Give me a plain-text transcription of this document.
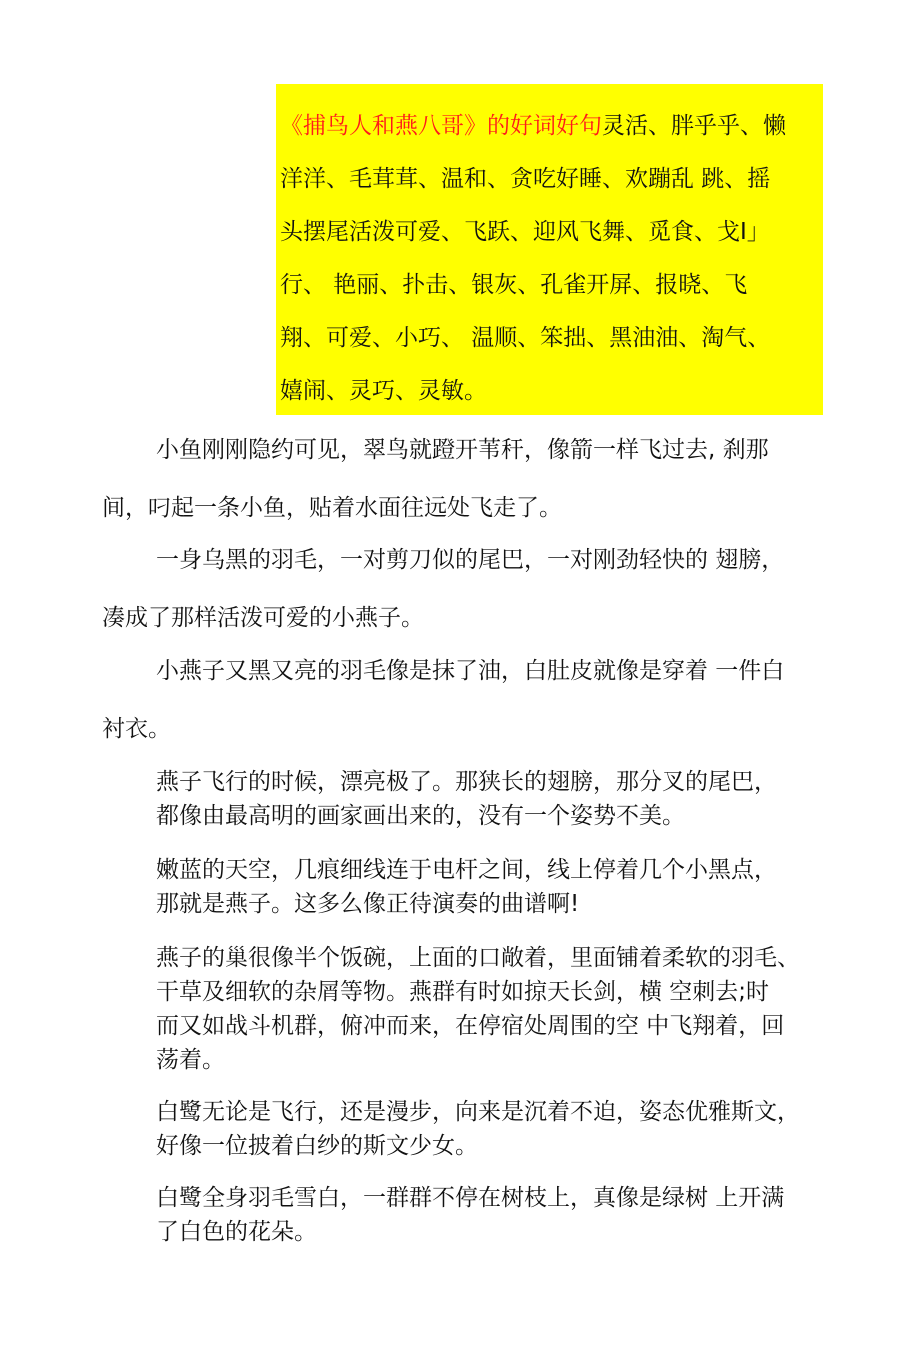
《捕鸟人和燕八哥》的好词好句灵活、胖乎乎、懒
洋洋、毛茸茸、温和、贪吃好睡、欢蹦乱 跳、摇
头摆尾活泼可爱、飞跃、迎风飞舞、觅食、戈I」
行、 艳丽、扑击、银灰、孔雀开屏、报晓、飞
翔、可爱、小巧、 温顺、笨拙、黑油油、淘气、
嬉闹、灵巧、灵敏。
小鱼刚刚隐约可见，翠鸟就蹬开苇秆，像箭一样飞过去, 刹那
间，叼起一条小鱼，贴着水面往远处飞走了。
一身乌黑的羽毛，一对剪刀似的尾巴，一对刚劲轻快的 翅膀，
凑成了那样活泼可爱的小燕子。
小燕子又黑又亮的羽毛像是抹了油，白肚皮就像是穿着 一件白
衬衣。
燕子飞行的时候，漂亮极了。那狭长的翅膀，那分叉的尾巴，
都像由最高明的画家画出来的，没有一个姿势不美。
嫩蓝的天空，几痕细线连于电杆之间，线上停着几个小黑点，
那就是燕子。这多么像正待演奏的曲谱啊!
燕子的巢很像半个饭碗，上面的口敞着，里面铺着柔软的羽毛、
干草及细软的杂屑等物。燕群有时如掠天长剑，横 空刺去;时
而又如战斗机群，俯冲而来，在停宿处周围的空 中飞翔着，回
荡着。
白鹭无论是飞行，还是漫步，向来是沉着不迫，姿态优雅斯文，
好像一位披着白纱的斯文少女。
白鹭全身羽毛雪白，一群群不停在树枝上，真像是绿树 上开满
了白色的花朵。
